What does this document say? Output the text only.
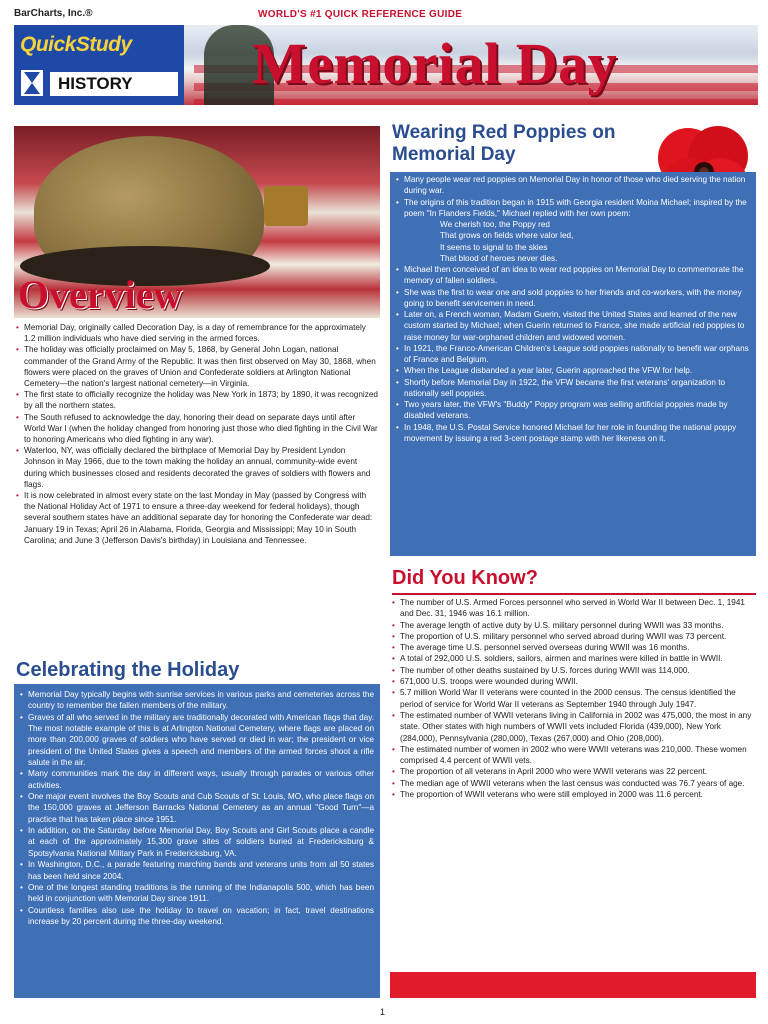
BarCharts, Inc.®	WORLD'S #1 QUICK REFERENCE GUIDE
QuickStudy
HISTORY	Memorial Day
Overview
• Memorial Day, originally called Decoration Day, is a day of remembrance for the approximately 1.2 million individuals who have died serving in the armed forces.
• The holiday was officially proclaimed on May 5, 1868, by General John Logan, national commander of the Grand Army of the Republic. It was then first observed on May 30, 1868, when flowers were placed on the graves of Union and Confederate soldiers at Arlington National Cemetery—the nation's largest national cemetery—in Virginia.
• The first state to officially recognize the holiday was New York in 1873; by 1890, it was recognized by all the northern states.
• The South refused to acknowledge the day, honoring their dead on separate days until after World War I (when the holiday changed from honoring just those who died fighting in the Civil War to honoring Americans who died fighting in any war).
• Waterloo, NY, was officially declared the birthplace of Memorial Day by President Lyndon Johnson in May 1966, due to the town making the holiday an annual, community-wide event during which businesses closed and residents decorated the graves of soldiers with flowers and flags.
• It is now celebrated in almost every state on the last Monday in May (passed by Congress with the National Holiday Act of 1971 to ensure a three-day weekend for federal holidays), though several southern states have an additional separate day for honoring the Confederate war dead: January 19 in Texas; April 26 in Alabama, Florida, Georgia and Mississippi; May 10 in South Carolina; and June 3 (Jefferson Davis's birthday) in Louisiana and Tennessee.
Celebrating the Holiday
• Memorial Day typically begins with sunrise services in various parks and cemeteries across the country to remember the fallen members of the military.
• Graves of all who served in the military are traditionally decorated with American flags that day. The most notable example of this is at Arlington National Cemetery, where flags are placed on more than 200,000 graves of soldiers who have served or died in war; the president or vice president of the United States gives a speech and members of the armed forces shoot a rifle salute in the air.
• Many communities mark the day in different ways, usually through parades or various other activities.
• One major event involves the Boy Scouts and Cub Scouts of St. Louis, MO, who place flags on the 150,000 graves at Jefferson Barracks National Cemetery as an annual "Good Turn"—a practice that has taken place since 1951.
• In addition, on the Saturday before Memorial Day, Boy Scouts and Girl Scouts place a candle at each of the approximately 15,300 grave sites of soldiers buried at Fredericksburg & Spotsylvania National Military Park in Fredericksburg, VA.
• In Washington, D.C., a parade featuring marching bands and veterans units from all 50 states has been held since 2004.
• One of the longest standing traditions is the running of the Indianapolis 500, which has been held in conjunction with Memorial Day since 1911.
• Countless families also use the holiday to travel on vacation; in fact, travel destinations increase by 20 percent during the three-day weekend.
Wearing Red Poppies on Memorial Day
• Many people wear red poppies on Memorial Day in honor of those who died serving the nation during war.
• The origins of this tradition began in 1915 with Georgia resident Moina Michael; inspired by the poem "In Flanders Fields," Michael replied with her own poem:
We cherish too, the Poppy red
That grows on fields where valor led,
It seems to signal to the skies
That blood of heroes never dies.
• Michael then conceived of an idea to wear red poppies on Memorial Day to commemorate the memory of fallen soldiers.
• She was the first to wear one and sold poppies to her friends and co-workers, with the money going to benefit servicemen in need.
• Later on, a French woman, Madam Guerin, visited the United States and learned of the new custom started by Michael; when Guerin returned to France, she made artificial red poppies to raise money for war-orphaned children and widowed women.
• In 1921, the Franco-American Children's League sold poppies nationally to benefit war orphans of France and Belgium.
• When the League disbanded a year later, Guerin approached the VFW for help.
• Shortly before Memorial Day in 1922, the VFW became the first veterans' organization to nationally sell poppies.
• Two years later, the VFW's "Buddy" Poppy program was selling artificial poppies made by disabled veterans.
• In 1948, the U.S. Postal Service honored Michael for her role in founding the national poppy movement by issuing a red 3-cent postage stamp with her likeness on it.
Did You Know?
• The number of U.S. Armed Forces personnel who served in World War II between Dec. 1, 1941 and Dec. 31, 1946 was 16.1 million.
• The average length of active duty by U.S. military personnel during WWII was 33 months.
• The proportion of U.S. military personnel who served abroad during WWII was 73 percent.
• The average time U.S. personnel served overseas during WWII was 16 months.
• A total of 292,000 U.S. soldiers, sailors, airmen and marines were killed in battle in WWII.
• The number of other deaths sustained by U.S. forces during WWII was 114,000.
• 671,000 U.S. troops were wounded during WWII.
• 5.7 million World War II veterans were counted in the 2000 census. The census identified the period of service for World War II veterans as September 1940 through July 1947.
• The estimated number of WWII veterans living in California in 2002 was 475,000, the most in any state. Other states with high numbers of WWII vets included Florida (439,000), New York (284,000), Pennsylvania (280,000), Texas (267,000) and Ohio (208,000).
• The estimated number of women in 2002 who were WWII veterans was 210,000. These women comprised 4.4 percent of WWII vets.
• The proportion of all veterans in April 2000 who were WWII veterans was 22 percent.
• The median age of WWII veterans when the last census was conducted was 76.7 years of age.
• The proportion of WWII veterans who were still employed in 2000 was 11.6 percent.
1
